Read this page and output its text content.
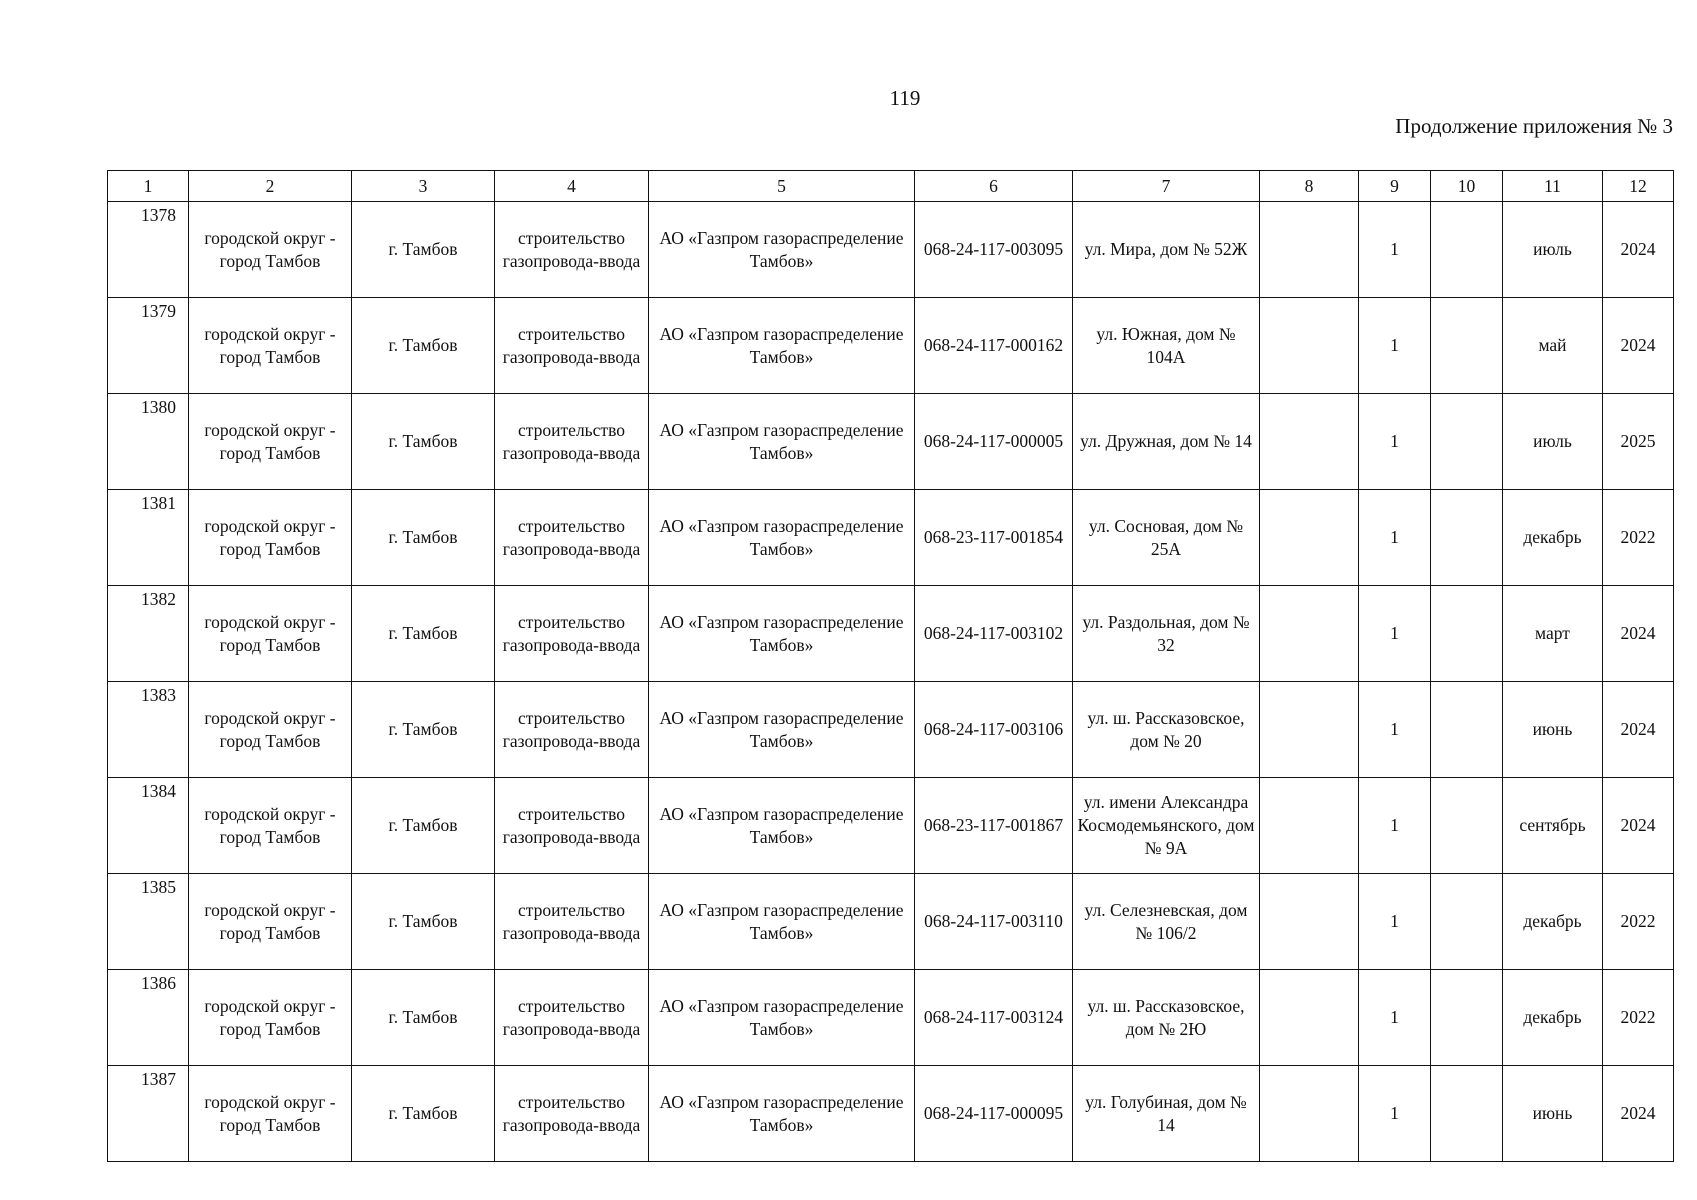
119
Продолжение приложения № 3
1	2	3	4	5	6	7	8	9	10	11	12
1378	городской округ - город Тамбов	г. Тамбов	строительство газопровода-ввода	АО «Газпром газораспределение Тамбов»	068-24-117-003095	ул. Мира, дом № 52Ж		1		июль	2024
1379	городской округ - город Тамбов	г. Тамбов	строительство газопровода-ввода	АО «Газпром газораспределение Тамбов»	068-24-117-000162	ул. Южная, дом № 104А		1		май	2024
1380	городской округ - город Тамбов	г. Тамбов	строительство газопровода-ввода	АО «Газпром газораспределение Тамбов»	068-24-117-000005	ул. Дружная, дом № 14		1		июль	2025
1381	городской округ - город Тамбов	г. Тамбов	строительство газопровода-ввода	АО «Газпром газораспределение Тамбов»	068-23-117-001854	ул. Сосновая, дом № 25А		1		декабрь	2022
1382	городской округ - город Тамбов	г. Тамбов	строительство газопровода-ввода	АО «Газпром газораспределение Тамбов»	068-24-117-003102	ул. Раздольная, дом № 32		1		март	2024
1383	городской округ - город Тамбов	г. Тамбов	строительство газопровода-ввода	АО «Газпром газораспределение Тамбов»	068-24-117-003106	ул. ш. Рассказовское, дом № 20		1		июнь	2024
1384	городской округ - город Тамбов	г. Тамбов	строительство газопровода-ввода	АО «Газпром газораспределение Тамбов»	068-23-117-001867	ул. имени Александра Космодемьянского, дом № 9А		1		сентябрь	2024
1385	городской округ - город Тамбов	г. Тамбов	строительство газопровода-ввода	АО «Газпром газораспределение Тамбов»	068-24-117-003110	ул. Селезневская, дом № 106/2		1		декабрь	2022
1386	городской округ - город Тамбов	г. Тамбов	строительство газопровода-ввода	АО «Газпром газораспределение Тамбов»	068-24-117-003124	ул. ш. Рассказовское, дом № 2Ю		1		декабрь	2022
1387	городской округ - город Тамбов	г. Тамбов	строительство газопровода-ввода	АО «Газпром газораспределение Тамбов»	068-24-117-000095	ул. Голубиная, дом № 14		1		июнь	2024
